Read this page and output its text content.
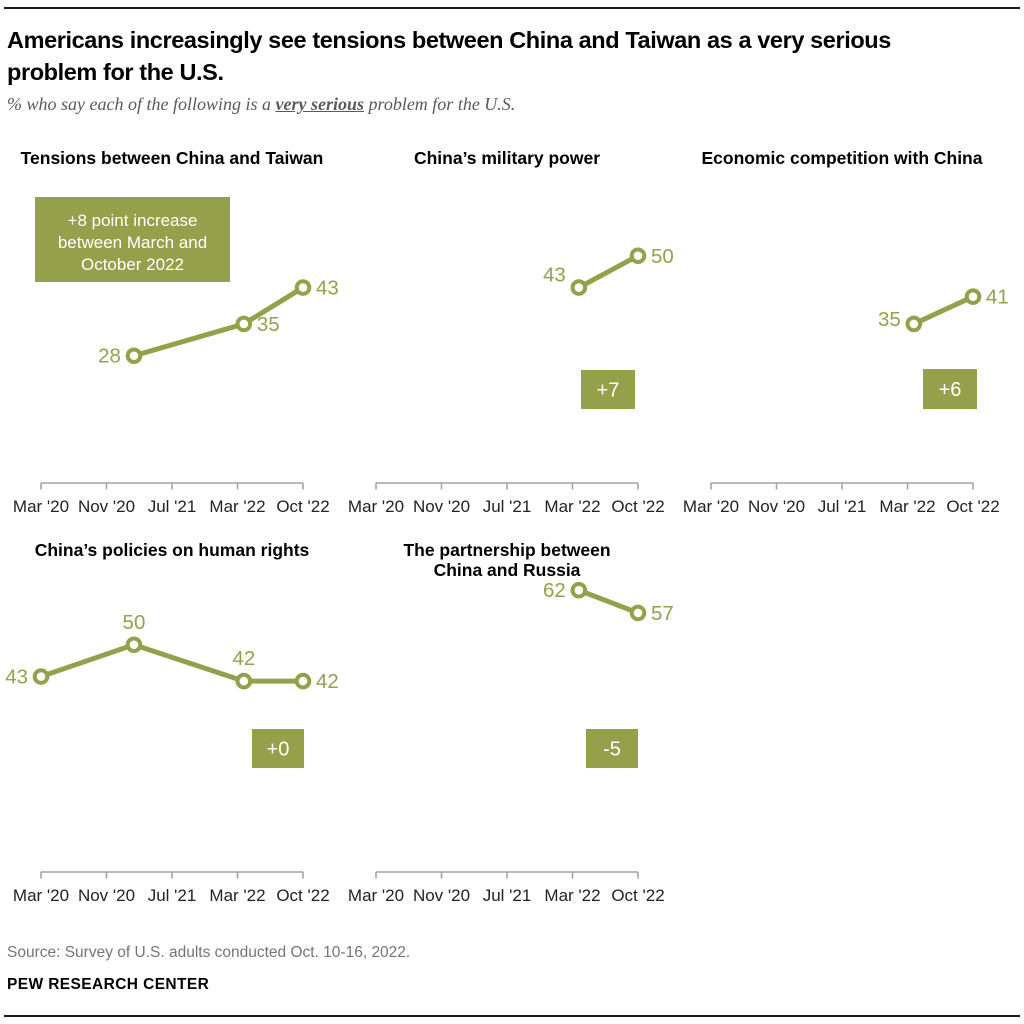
Americans increasingly see tensions between China and Taiwan as a very serious
problem for the U.S.

% who say each of the following is a very serious problem for the U.S.

Tensions between China and Taiwan
Mar '20 Nov '20 Jul '21 Mar '22 Oct '22
28
35
43
+8 point increase
between March and
October 2022
China’s military power
Mar '20 Nov '20 Jul '21 Mar '22 Oct '22
43
50
+7
Economic competition with China
Mar '20 Nov '20 Jul '21 Mar '22 Oct '22
35
41
+6
China’s policies on human rights
Mar '20 Nov '20 Jul '21 Mar '22 Oct '22
43
50
42
42
+0
The partnership between
China and Russia
Mar '20 Nov '20 Jul '21 Mar '22 Oct '22
62
57
-5
Source: Survey of U.S. adults conducted Oct. 10-16, 2022.
PEW RESEARCH CENTER
